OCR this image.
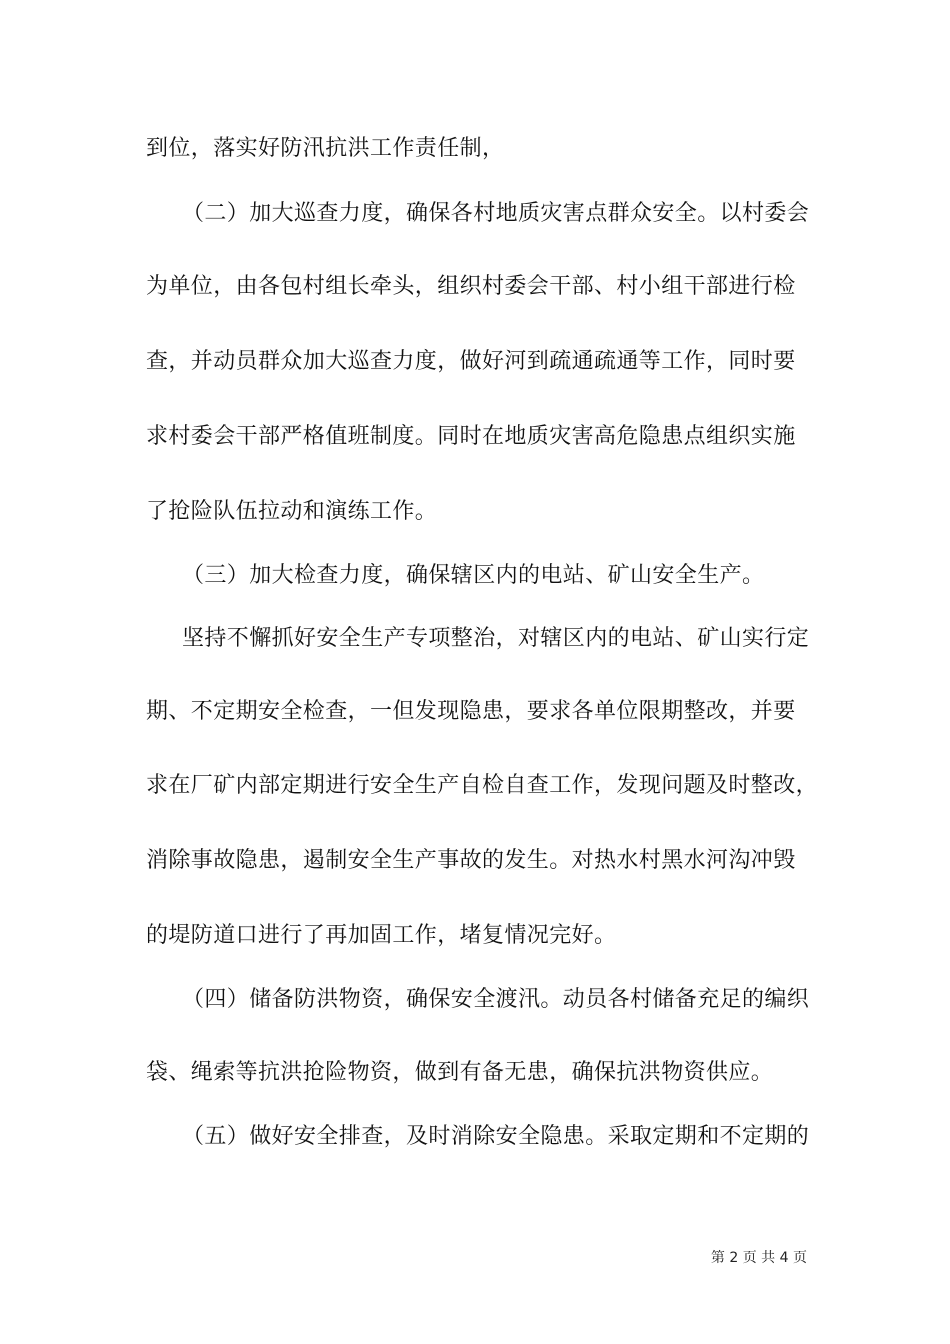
到位，落实好防汛抗洪工作责任制，
（二）加大巡查力度，确保各村地质灾害点群众安全。以村委会
为单位，由各包村组长牵头，组织村委会干部、村小组干部进行检
查，并动员群众加大巡查力度，做好河到疏通疏通等工作，同时要
求村委会干部严格值班制度。同时在地质灾害高危隐患点组织实施
了抢险队伍拉动和演练工作。
（三）加大检查力度，确保辖区内的电站、矿山安全生产。
坚持不懈抓好安全生产专项整治，对辖区内的电站、矿山实行定
期、不定期安全检查，一但发现隐患，要求各单位限期整改，并要
求在厂矿内部定期进行安全生产自检自查工作，发现问题及时整改，
消除事故隐患，遏制安全生产事故的发生。对热水村黑水河沟冲毁
的堤防道口进行了再加固工作，堵复情况完好。
（四）储备防洪物资，确保安全渡汛。动员各村储备充足的编织
袋、绳索等抗洪抢险物资，做到有备无患，确保抗洪物资供应。
（五）做好安全排查，及时消除安全隐患。采取定期和不定期的
第 2 页 共 4 页
